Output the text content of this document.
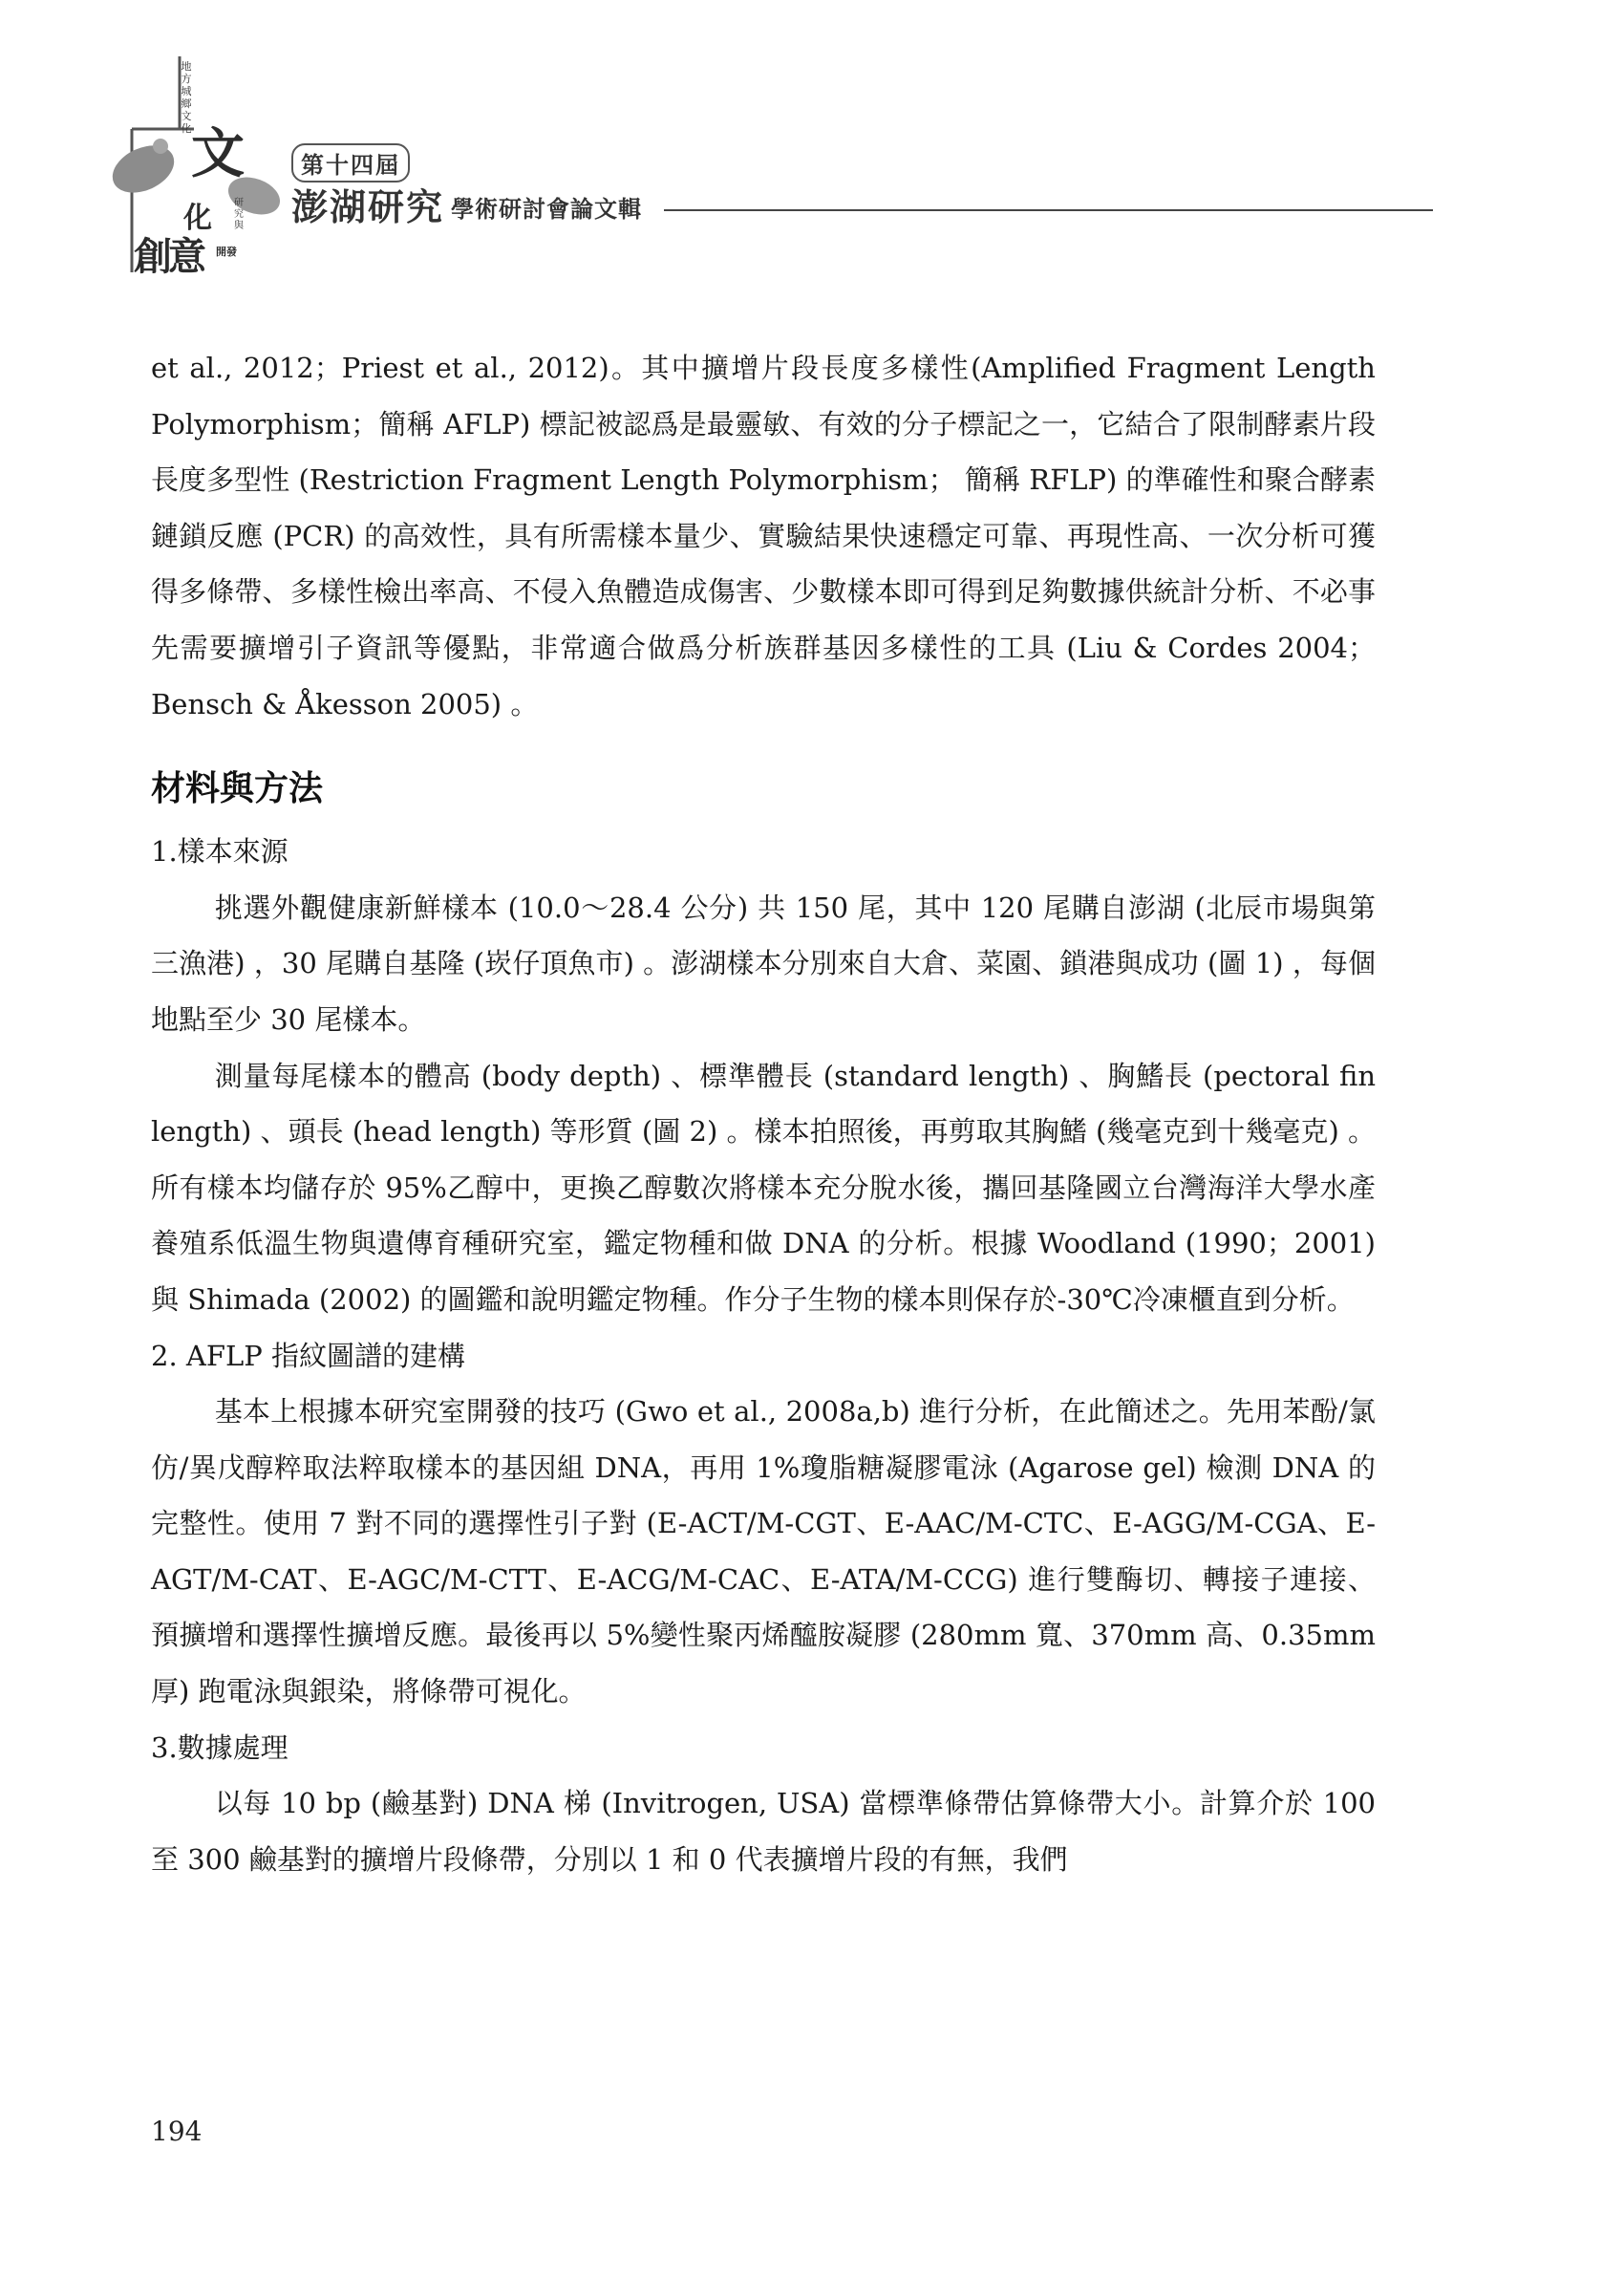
地方城鄉文化 文
化 研究與
創意 開發
第十四屆
澎湖研究 學術研討會論文輯

et al., 2012；Priest et al., 2012)。其中擴增片段長度多樣性(Amplified Fragment Length Polymorphism；簡稱 AFLP) 標記被認爲是最靈敏、有效的分子標記之一，它結合了限制酵素片段長度多型性 (Restriction Fragment Length Polymorphism； 簡稱 RFLP) 的準確性和聚合酵素鏈鎖反應 (PCR) 的高效性，具有所需樣本量少、實驗結果快速穩定可靠、再現性高、一次分析可獲得多條帶、多樣性檢出率高、不侵入魚體造成傷害、少數樣本即可得到足夠數據供統計分析、不必事先需要擴增引子資訊等優點，非常適合做爲分析族群基因多樣性的工具 (Liu & Cordes 2004； Bensch & Åkesson 2005) 。

材料與方法

1.樣本來源

挑選外觀健康新鮮樣本 (10.0～28.4 公分) 共 150 尾，其中 120 尾購自澎湖 (北辰市場與第三漁港) ，30 尾購自基隆 (崁仔頂魚市) 。澎湖樣本分別來自大倉、菜園、鎖港與成功 (圖 1) ，每個地點至少 30 尾樣本。

測量每尾樣本的體高 (body depth) 、標準體長 (standard length) 、胸鰭長 (pectoral fin length) 、頭長 (head length) 等形質 (圖 2) 。樣本拍照後，再剪取其胸鰭 (幾毫克到十幾毫克) 。所有樣本均儲存於 95%乙醇中，更換乙醇數次將樣本充分脫水後，攜回基隆國立台灣海洋大學水產養殖系低溫生物與遺傳育種研究室，鑑定物種和做 DNA 的分析。根據 Woodland (1990；2001) 與 Shimada (2002) 的圖鑑和說明鑑定物種。作分子生物的樣本則保存於-30℃冷凍櫃直到分析。

2. AFLP 指紋圖譜的建構

基本上根據本研究室開發的技巧 (Gwo et al., 2008a,b) 進行分析，在此簡述之。先用苯酚/氯仿/異戊醇粹取法粹取樣本的基因組 DNA，再用 1%瓊脂糖凝膠電泳 (Agarose gel) 檢測 DNA 的完整性。使用 7 對不同的選擇性引子對 (E-ACT/M-CGT、E-AAC/M-CTC、E-AGG/M-CGA、E-AGT/M-CAT、E-AGC/M-CTT、E-ACG/M-CAC、E-ATA/M-CCG) 進行雙酶切、轉接子連接、預擴增和選擇性擴增反應。最後再以 5%變性聚丙烯醯胺凝膠 (280mm 寬、370mm 高、0.35mm 厚) 跑電泳與銀染，將條帶可視化。

3.數據處理

以每 10 bp (鹼基對) DNA 梯 (Invitrogen, USA) 當標準條帶估算條帶大小。計算介於 100 至 300 鹼基對的擴增片段條帶，分別以 1 和 0 代表擴增片段的有無，我們

194
